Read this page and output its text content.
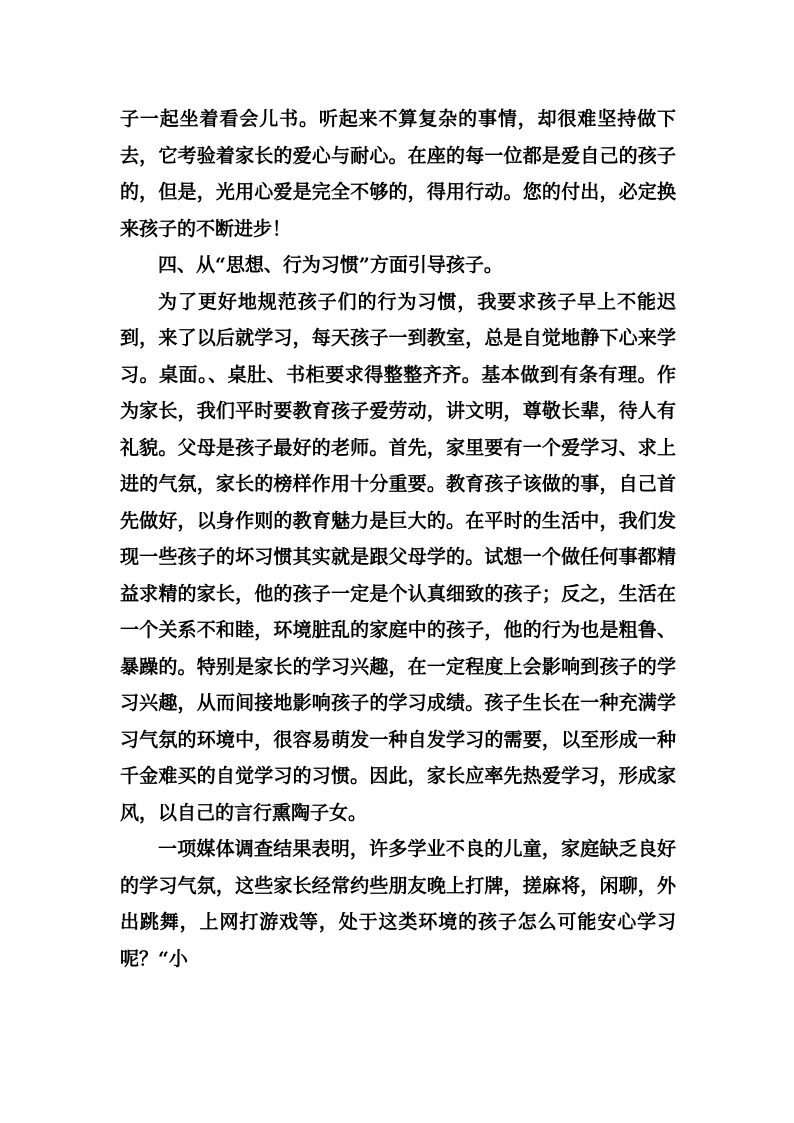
子一起坐着看会儿书。听起来不算复杂的事情，却很难坚持做下去，它考验着家长的爱心与耐心。在座的每一位都是爱自己的孩子的，但是，光用心爱是完全不够的，得用行动。您的付出，必定换来孩子的不断进步！

四、从“思想、行为习惯”方面引导孩子。

为了更好地规范孩子们的行为习惯，我要求孩子早上不能迟到，来了以后就学习，每天孩子一到教室，总是自觉地静下心来学习。桌面。、桌肚、书柜要求得整整齐齐。基本做到有条有理。作为家长，我们平时要教育孩子爱劳动，讲文明，尊敬长辈，待人有礼貌。父母是孩子最好的老师。首先，家里要有一个爱学习、求上进的气氛，家长的榜样作用十分重要。教育孩子该做的事，自己首先做好，以身作则的教育魅力是巨大的。在平时的生活中，我们发现一些孩子的坏习惯其实就是跟父母学的。试想一个做任何事都精益求精的家长，他的孩子一定是个认真细致的孩子；反之，生活在一个关系不和睦，环境脏乱的家庭中的孩子，他的行为也是粗鲁、暴躁的。特别是家长的学习兴趣，在一定程度上会影响到孩子的学习兴趣，从而间接地影响孩子的学习成绩。孩子生长在一种充满学习气氛的环境中，很容易萌发一种自发学习的需要，以至形成一种千金难买的自觉学习的习惯。因此，家长应率先热爱学习，形成家风，以自己的言行熏陶子女。

一项媒体调查结果表明，许多学业不良的儿童，家庭缺乏良好的学习气氛，这些家长经常约些朋友晚上打牌，搓麻将，闲聊，外出跳舞，上网打游戏等，处于这类环境的孩子怎么可能安心学习呢？“小
